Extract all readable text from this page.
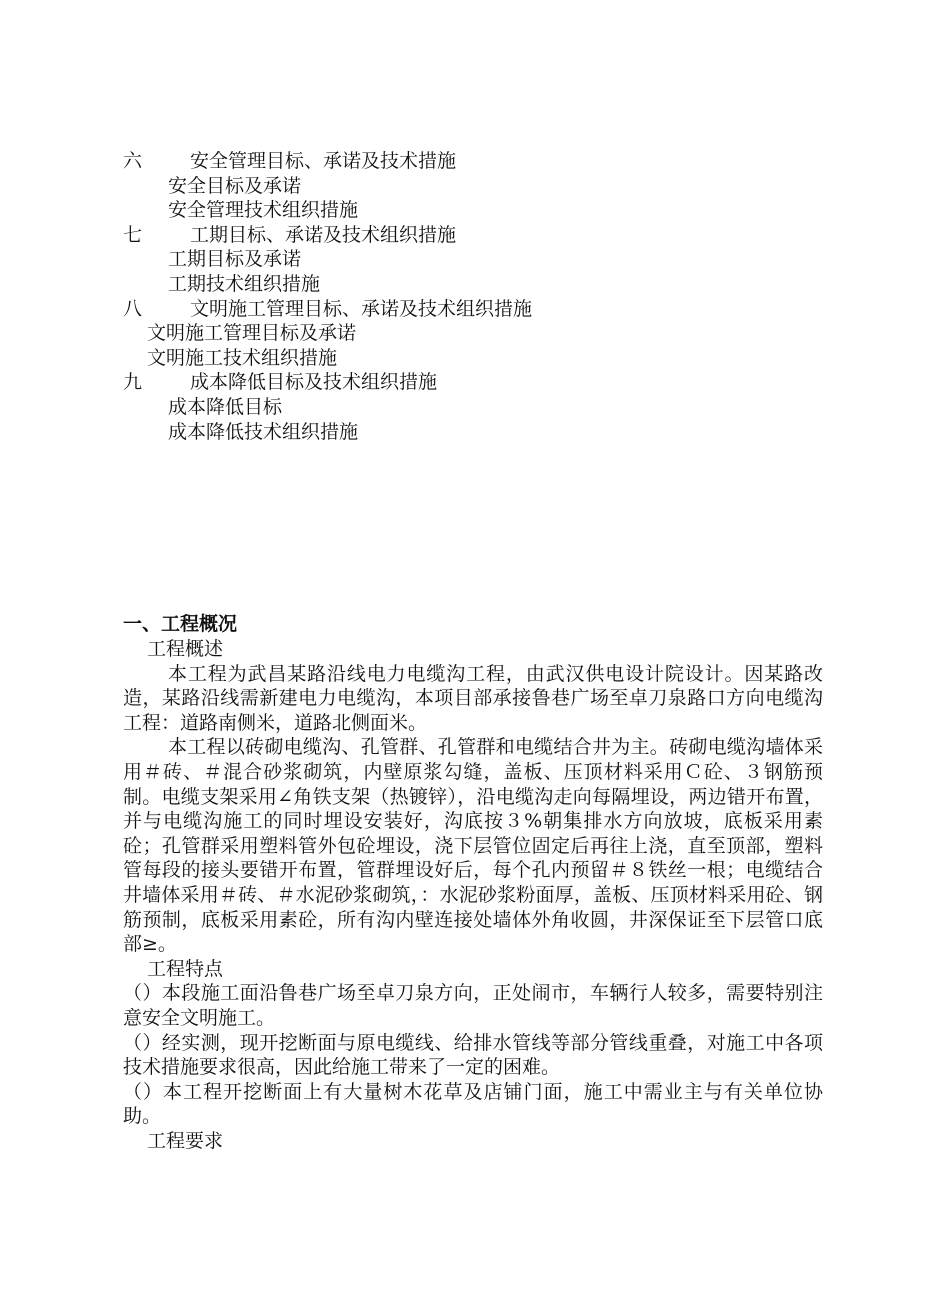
六	安全管理目标、承诺及技术措施
安全目标及承诺
安全管理技术组织措施
七	工期目标、承诺及技术组织措施
工期目标及承诺
工期技术组织措施
八	文明施工管理目标、承诺及技术组织措施
文明施工管理目标及承诺
文明施工技术组织措施
九	成本降低目标及技术组织措施
成本降低目标
成本降低技术组织措施
一、工程概况
工程概述

本工程为武昌某路沿线电力电缆沟工程，由武汉供电设计院设计。因某路改造，某路沿线需新建电力电缆沟，本项目部承接鲁巷广场至卓刀泉路口方向电缆沟工程：道路南侧米，道路北侧面米。

本工程以砖砌电缆沟、孔管群、孔管群和电缆结合井为主。砖砌电缆沟墙体采用＃砖、＃混合砂浆砌筑，内壁原浆勾缝，盖板、压顶材料采用Ｃ砼、３钢筋预制。电缆支架采用∠角铁支架（热镀锌），沿电缆沟走向每隔埋设，两边错开布置，并与电缆沟施工的同时埋设安装好，沟底按３%朝集排水方向放坡，底板采用素砼；孔管群采用塑料管外包砼埋设，浇下层管位固定后再往上浇，直至顶部，塑料管每段的接头要错开布置，管群埋设好后，每个孔内预留＃８铁丝一根；电缆结合井墙体采用＃砖、＃水泥砂浆砌筑，：水泥砂浆粉面厚，盖板、压顶材料采用砼、钢筋预制，底板采用素砼，所有沟内壁连接处墙体外角收圆，井深保证至下层管口底部≥。

工程特点

（）本段施工面沿鲁巷广场至卓刀泉方向，正处闹市，车辆行人较多，需要特别注意安全文明施工。

（）经实测，现开挖断面与原电缆线、给排水管线等部分管线重叠，对施工中各项技术措施要求很高，因此给施工带来了一定的困难。

（）本工程开挖断面上有大量树木花草及店铺门面，施工中需业主与有关单位协助。

工程要求
